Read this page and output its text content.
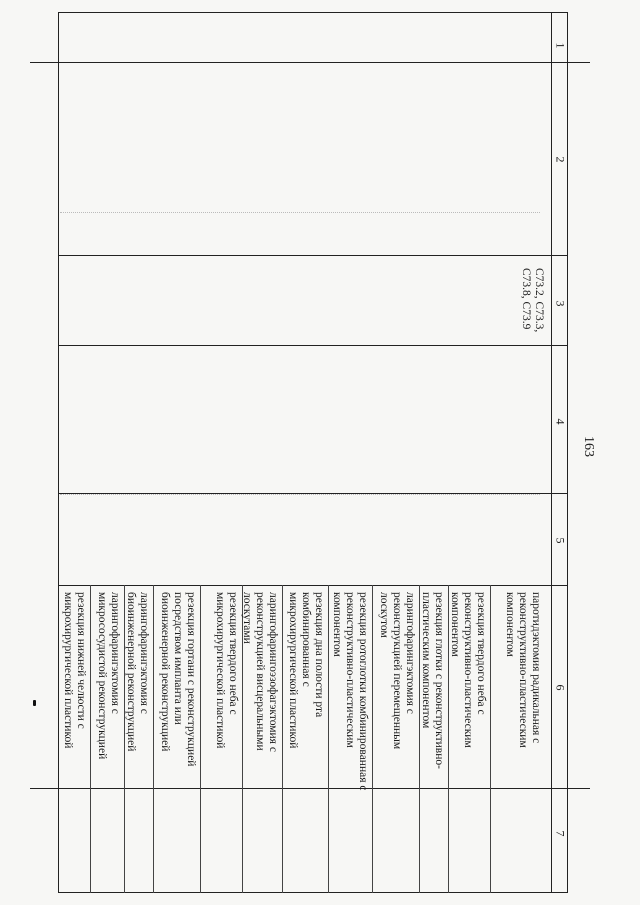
1
2
3
4
5
6
7
163
C73.2, C73.3,
C73.8, C73.9
паротидэктомия радикальная с
реконструктивно-пластическим
компонентом
резекция твердого неба с
реконструктивно-пластическим
компонентом
резекция глотки с реконструктивно-
пластическим компонентом
ларингофарингэктомия с
реконструкцией перемещенным
лоскутом
резекция ротоглотки комбинированная с
реконструктивно-пластическим
компонентом
резекция дна полости рта
комбинированная с
микрохирургической пластикой
ларингофарингоэзофагэктомия с
реконструкцией висцеральными
лоскутами
резекция твердого неба с
микрохирургической пластикой
резекция гортани с реконструкцией
посредством импланта или
биоинженерной реконструкцией
ларингофарингэктомия с
биоинженерной реконструкцией
ларингофарингэктомия с
микрососудистой реконструкцией
резекция нижней челюсти с
микрохирургической пластикой
